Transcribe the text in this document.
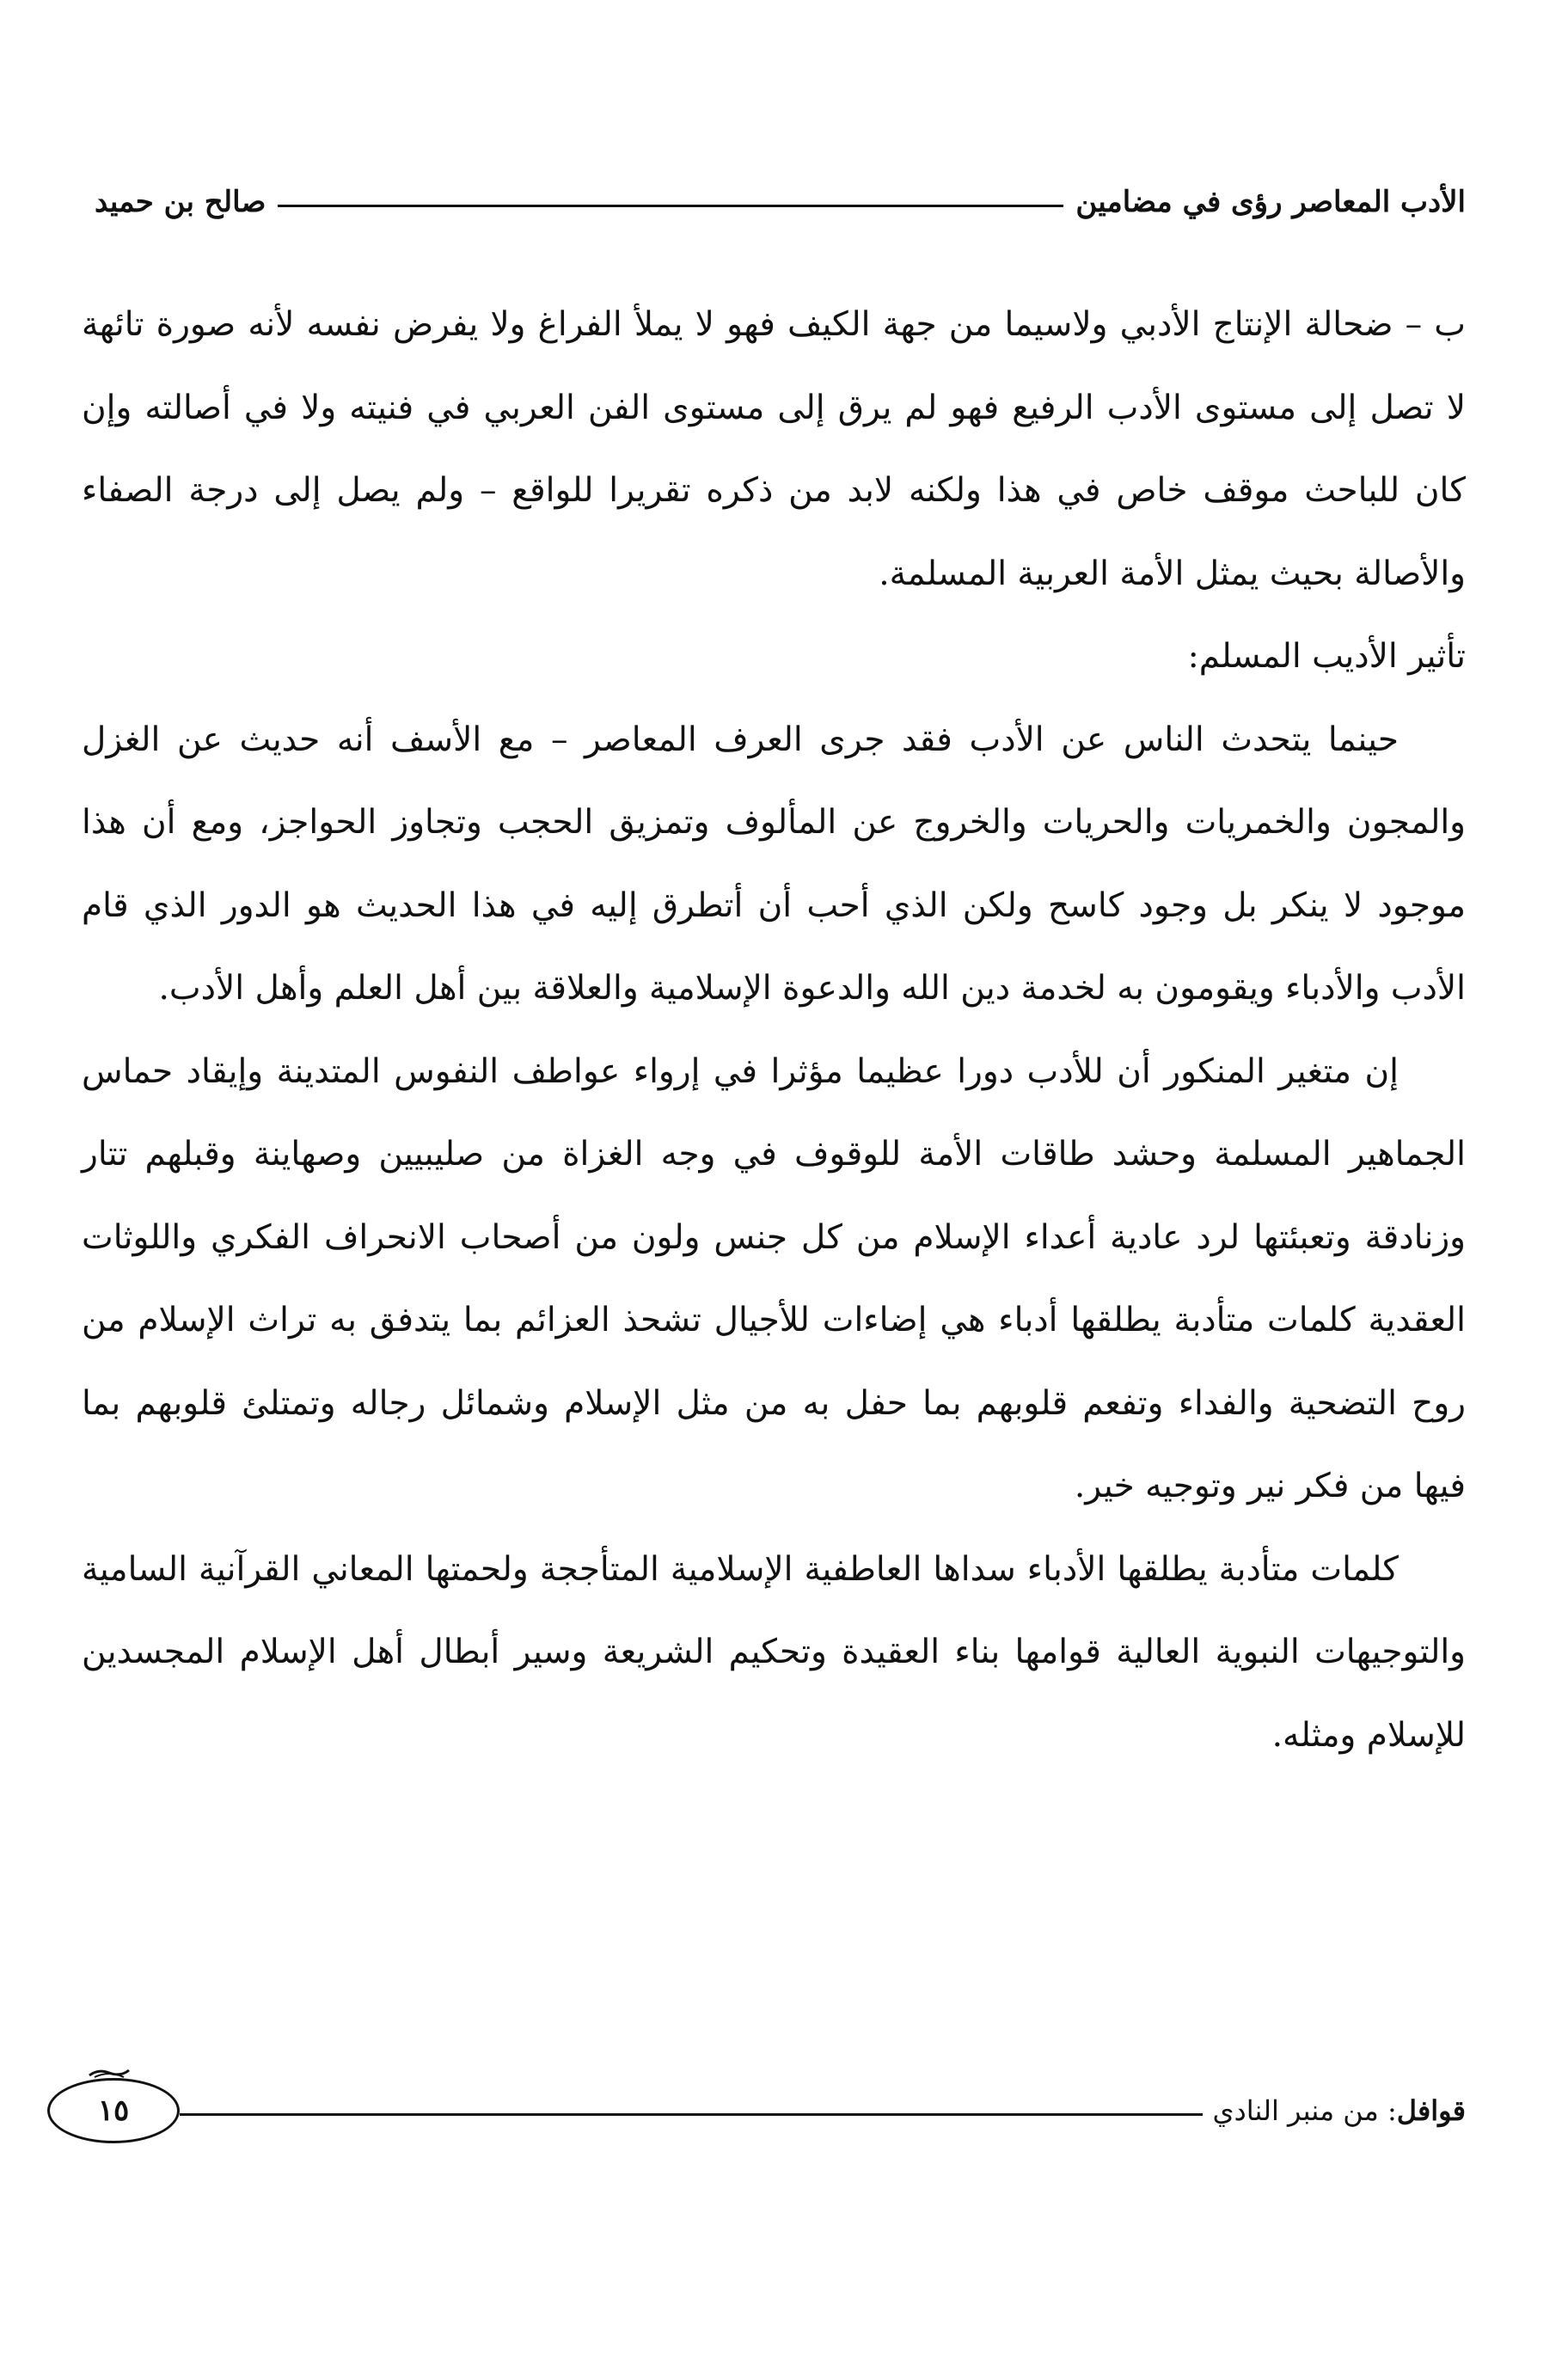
الأدب المعاصر رؤى في مضامين
صالح بن حميد

ب – ضحالة الإنتاج الأدبي ولاسيما من جهة الكيف فهو لا يملأ الفراغ ولا يفرض نفسه لأنه صورة تائهة لا تصل إلى مستوى الأدب الرفيع فهو لم يرق إلى مستوى الفن العربي في فنيته ولا في أصالته وإن كان للباحث موقف خاص في هذا ولكنه لابد من ذكره تقريرا للواقع – ولم يصل إلى درجة الصفاء والأصالة بحيث يمثل الأمة العربية المسلمة.

تأثير الأديب المسلم:

حينما يتحدث الناس عن الأدب فقد جرى العرف المعاصر – مع الأسف أنه حديث عن الغزل والمجون والخمريات والحريات والخروج عن المألوف وتمزيق الحجب وتجاوز الحواجز، ومع أن هذا موجود لا ينكر بل وجود كاسح ولكن الذي أحب أن أتطرق إليه في هذا الحديث هو الدور الذي قام الأدب والأدباء ويقومون به لخدمة دين الله والدعوة الإسلامية والعلاقة بين أهل العلم وأهل الأدب.

إن متغير المنكور أن للأدب دورا عظيما مؤثرا في إرواء عواطف النفوس المتدينة وإيقاد حماس الجماهير المسلمة وحشد طاقات الأمة للوقوف في وجه الغزاة من صليبيين وصهاينة وقبلهم تتار وزنادقة وتعبئتها لرد عادية أعداء الإسلام من كل جنس ولون من أصحاب الانحراف الفكري واللوثات العقدية كلمات متأدبة يطلقها أدباء هي إضاءات للأجيال تشحذ العزائم بما يتدفق به تراث الإسلام من روح التضحية والفداء وتفعم قلوبهم بما حفل به من مثل الإسلام وشمائل رجاله وتمتلئ قلوبهم بما فيها من فكر نير وتوجيه خير.

كلمات متأدبة يطلقها الأدباء سداها العاطفية الإسلامية المتأججة ولحمتها المعاني القرآنية السامية والتوجيهات النبوية العالية قوامها بناء العقيدة وتحكيم الشريعة وسير أبطال أهل الإسلام المجسدين للإسلام ومثله.

قوافل: من منبر النادي
١٥
